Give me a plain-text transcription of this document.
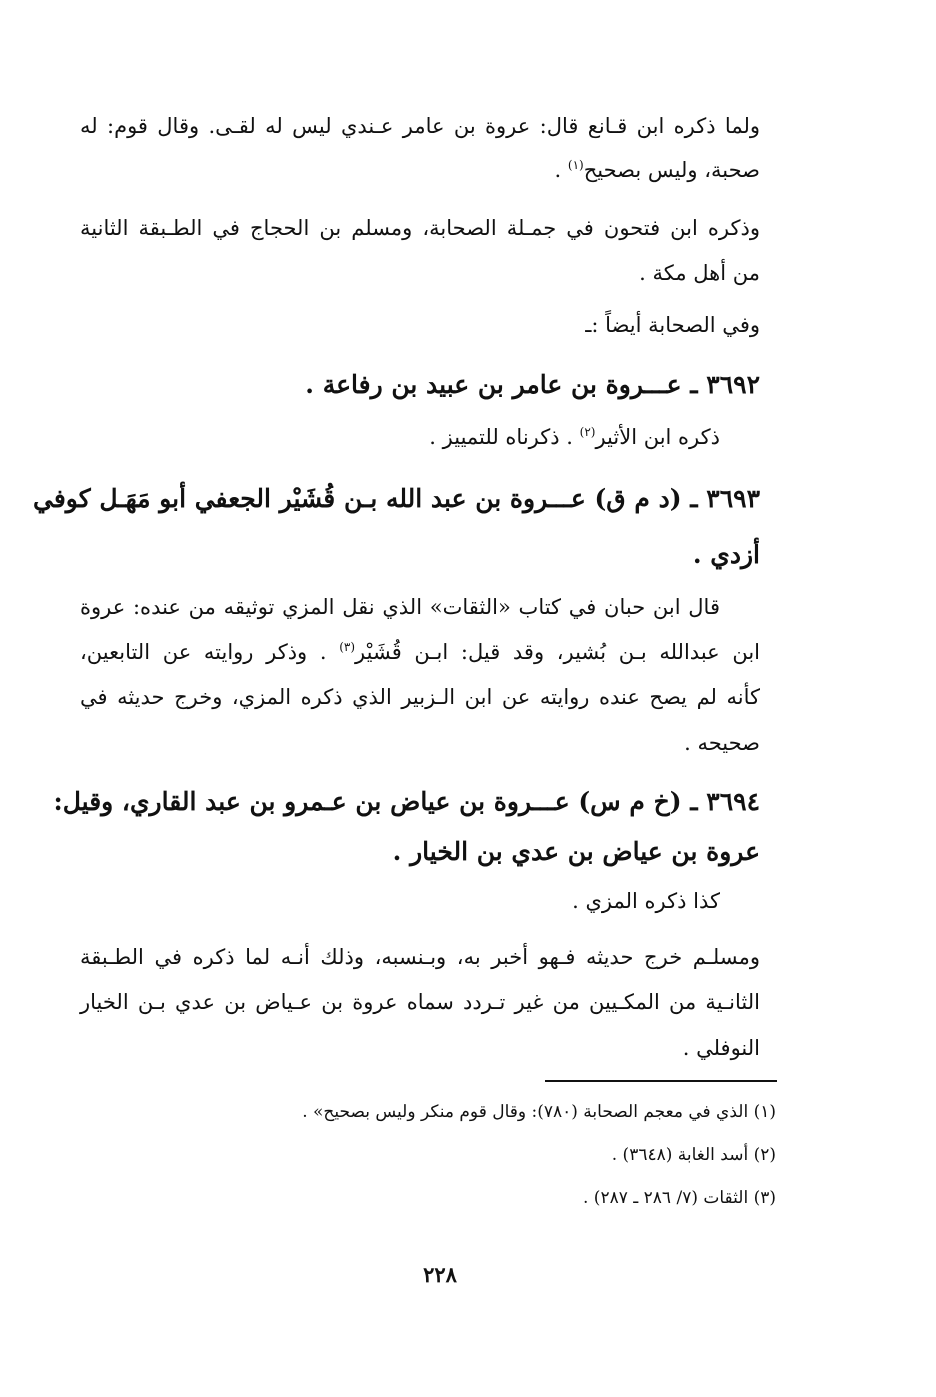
ولما ذكره ابن قـانع قال: عروة بن عامر عـندي ليس له لقـى. وقال قوم: له

صحبة، وليس بصحيح$^{(١)}$ .

وذكره ابن فتحون في جمـلة الصحابة، ومسلم بن الحجاج في الطـبقة الثانية

من أهل مكة .

وفي الصحابة أيضاً :ـ

٣٦٩٢ ـ عـــروة بن عامر بن عبيد بن رفاعة .

ذكره ابن الأثير$^{(٢)}$ . ذكرناه للتمييز .

٣٦٩٣ ـ (د م ق) عـــروة بن عبد الله بـن قُشَيْر الجعفي أبو مَهَـل كوفي

أزدي .

قال ابن حبان في كتاب «الثقات» الذي نقل المزي توثيقه من عنده: عروة

ابن عبدالله بـن بُشير، وقد قيل: ابـن قُشَيْر$^{(٣)}$ . وذكر روايته عن التابعين،

كأنه لم يصح عنده روايته عن ابن الـزبير الذي ذكره المزي، وخرج حديثه في

صحيحه .

٣٦٩٤ ـ (خ م س) عـــروة بن عياض بن عـمرو بن عبد القاري، وقيل:

عروة بن عياض بن عدي بن الخيار .

كذا ذكره المزي .

ومسلـم خرج حديثه فـهو أخبر به، وبـنسبه، وذلك أنـه لما ذكره في الطـبقة

الثانـية من المكـيين من غير تـردد سماه عروة بن عـياض بن عدي بـن الخيار

النوفلي .

(١) الذي في معجم الصحابة (٧٨٠): وقال قوم منكر وليس بصحيح» .

(٢) أسد الغابة (٣٦٤٨) .

(٣) الثقات (٧/ ٢٨٦ ـ ٢٨٧) .

٢٢٨
